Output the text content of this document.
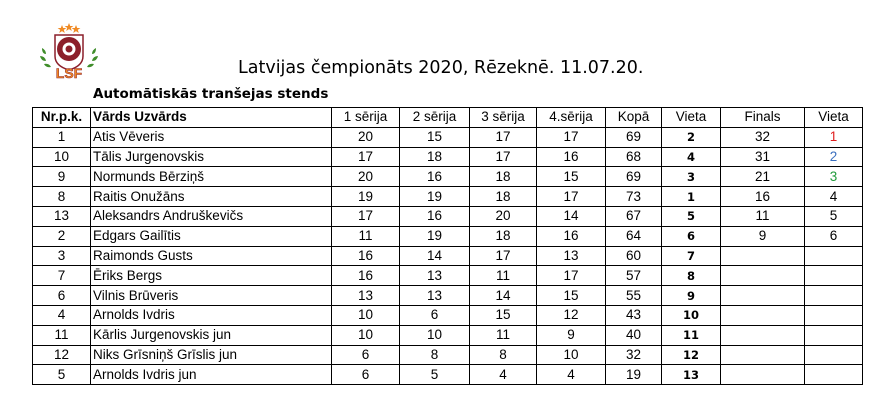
LSF	Latvijas čempionāts 2020, Rēzeknē. 11.07.20.
Automātiskās tranšejas stends
Nr.p.k.	Vārds Uzvārds	1 sērija	2 sērija	3 sērija	4.sērija	Kopā	Vieta	Finals	Vieta
1	Atis Vēveris	20	15	17	17	69	2	32	1
10	Tālis Jurgenovskis	17	18	17	16	68	4	31	2
9	Normunds Bērziņš	20	16	18	15	69	3	21	3
8	Raitis Onužāns	19	19	18	17	73	1	16	4
13	Aleksandrs Andruškevičs	17	16	20	14	67	5	11	5
2	Edgars Gailītis	11	19	18	16	64	6	9	6
3	Raimonds Gusts	16	14	17	13	60	7		
7	Ēriks Bergs	16	13	11	17	57	8		
6	Vilnis Brūveris	13	13	14	15	55	9		
4	Arnolds Ivdris	10	6	15	12	43	10		
11	Kārlis Jurgenovskis jun	10	10	11	9	40	11		
12	Niks Grīsniņš Grīslis jun	6	8	8	10	32	12		
5	Arnolds Ivdris jun	6	5	4	4	19	13		
